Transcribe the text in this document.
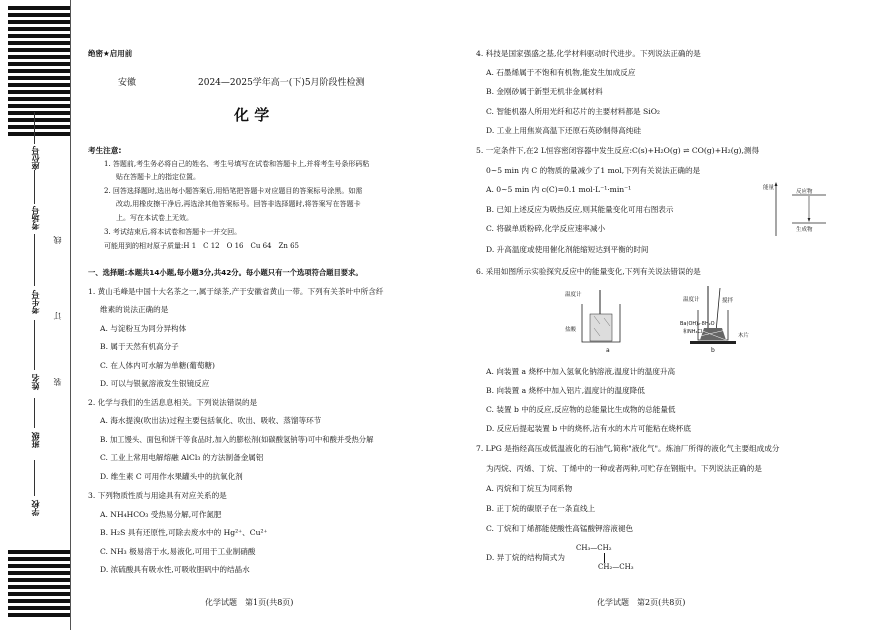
座位号
考场号
考生号
姓名
班级
学校
线
订
装
绝密★启用前
安徽	2024—2025学年高一(下)5月阶段性检测
化 学
考生注意:
1. 答题前,考生务必将自己的姓名、考生号填写在试卷和答题卡上,并将考生号条形码粘
贴在答题卡上的指定位置。
2. 回答选择题时,选出每小题答案后,用铅笔把答题卡对应题目的答案标号涂黑。如需
改动,用橡皮擦干净后,再选涂其他答案标号。回答非选择题时,将答案写在答题卡
上。写在本试卷上无效。
3. 考试结束后,将本试卷和答题卡一并交回。
可能用到的相对原子质量:H 1　C 12　O 16　Cu 64　Zn 65
一、选择题:本题共14小题,每小题3分,共42分。每小题只有一个选项符合题目要求。
1. 黄山毛峰是中国十大名茶之一,属于绿茶,产于安徽省黄山一带。下列有关茶叶中所含纤
维素的说法正确的是
A. 与淀粉互为同分异构体
B. 属于天然有机高分子
C. 在人体内可水解为单糖(葡萄糖)
D. 可以与银氨溶液发生银镜反应
2. 化学与我们的生活息息相关。下列说法错误的是
A. 海水提溴(吹出法)过程主要包括氧化、吹出、吸收、蒸馏等环节
B. 加工馒头、面包和饼干等食品时,加入的膨松剂(如碳酸氢钠等)可中和酸并受热分解
C. 工业上常用电解熔融 AlCl₃ 的方法制备金属铝
D. 维生素 C 可用作水果罐头中的抗氧化剂
3. 下列物质性质与用途具有对应关系的是
A. NH₄HCO₃ 受热易分解,可作氮肥
B. H₂S 具有还原性,可除去废水中的 Hg²⁺、Cu²⁺
C. NH₃ 极易溶于水,易液化,可用于工业制硝酸
D. 浓硫酸具有吸水性,可吸收胆矾中的结晶水
化学试题　第1页(共8页)
4. 科技是国家强盛之基,化学材料驱动时代进步。下列说法正确的是
A. 石墨烯属于不饱和有机物,能发生加成反应
B. 金刚砂属于新型无机非金属材料
C. 智能机器人所用光纤和芯片的主要材料都是 SiO₂
D. 工业上用焦炭高温下还原石英砂制得高纯硅
5. 一定条件下,在2 L恒容密闭容器中发生反应:C(s)+H₂O(g) ⇌ CO(g)+H₂(g),测得
0~5 min 内 C 的物质的量减少了1 mol,下列有关说法正确的是
A. 0~5 min 内 c(C)=0.1 mol·L⁻¹·min⁻¹
B. 已知上述反应为吸热反应,则其能量变化可用右图表示
C. 将碳单质粉碎,化学反应速率减小
D. 升高温度或使用催化剂能缩短达到平衡的时间
6. 采用如图所示实验探究反应中的能量变化,下列有关说法错误的是
能量
反应物
生成物
温度计
盐酸
温度计	搅拌
Ba(OH)₂·8H₂O
和NH₄Cl
木片
a	b
A. 向装置 a 烧杯中加入氢氧化钠溶液,温度计的温度升高
B. 向装置 a 烧杯中加入铝片,温度计的温度降低
C. 装置 b 中的反应,反应物的总能量比生成物的总能量低
D. 反应后提起装置 b 中的烧杯,沾有水的木片可能粘在烧杯底
7. LPG 是指经高压或低温液化的石油气,简称"液化气"。炼油厂所得的液化气主要组成成分
为丙烷、丙烯、丁烷、丁烯中的一种或者两种,可贮存在钢瓶中。下列说法正确的是
A. 丙烷和丁烷互为同系物
B. 正丁烷的碳原子在一条直线上
C. 丁烷和丁烯都能使酸性高锰酸钾溶液褪色
D. 异丁烷的结构简式为
CH₃—CH₂
CH₂—CH₃
化学试题　第2页(共8页)
